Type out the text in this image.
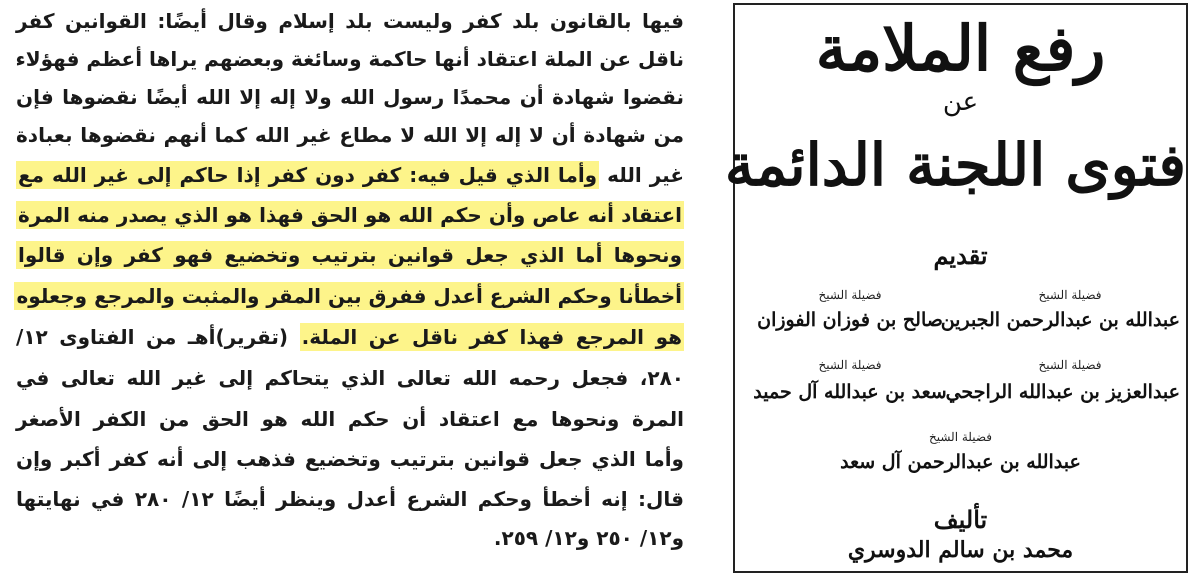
فيها بالقانون بلد كفر وليست بلد إسلام وقال أيضًا: القوانين كفر
ناقل عن الملة اعتقاد أنها حاكمة وسائغة وبعضهم يراها أعظم فهؤلاء
نقضوا شهادة أن محمدًا رسول الله ولا إله إلا الله أيضًا نقضوها فإن
من شهادة أن لا إله إلا الله لا مطاع غير الله كما أنهم نقضوها بعبادة
غير الله وأما الذي قيل فيه: كفر دون كفر إذا حاكم إلى غير الله مع
اعتقاد أنه عاص وأن حكم الله هو الحق فهذا هو الذي يصدر منه المرة
ونحوها أما الذي جعل قوانين بترتيب وتخضيع فهو كفر وإن قالوا
أخطأنا وحكم الشرع أعدل ففرق بين المقر والمثبت والمرجع وجعلوه
هو المرجع فهذا كفر ناقل عن الملة. (تقرير)أهـ من الفتاوى ١٢/
٢٨٠، فجعل رحمه الله تعالى الذي يتحاكم إلى غير الله تعالى في
المرة ونحوها مع اعتقاد أن حكم الله هو الحق من الكفر الأصغر
وأما الذي جعل قوانين بترتيب وتخضيع فذهب إلى أنه كفر أكبر وإن
قال: إنه أخطأ وحكم الشرع أعدل وينظر أيضًا ١٢/ ٢٨٠ في نهايتها
و١٢/ ٢٥٠ و١٢/ ٢٥٩.
رفع الملامة
عن
فتوى اللجنة الدائمة
تقديم
فضيلة الشيخ
عبدالله بن عبدالرحمن الجبرين
فضيلة الشيخ
صالح بن فوزان الفوزان
فضيلة الشيخ
عبدالعزيز بن عبدالله الراجحي
فضيلة الشيخ
سعد بن عبدالله آل حميد
فضيلة الشيخ
عبدالله بن عبدالرحمن آل سعد
تأليف
محمد بن سالم الدوسري
